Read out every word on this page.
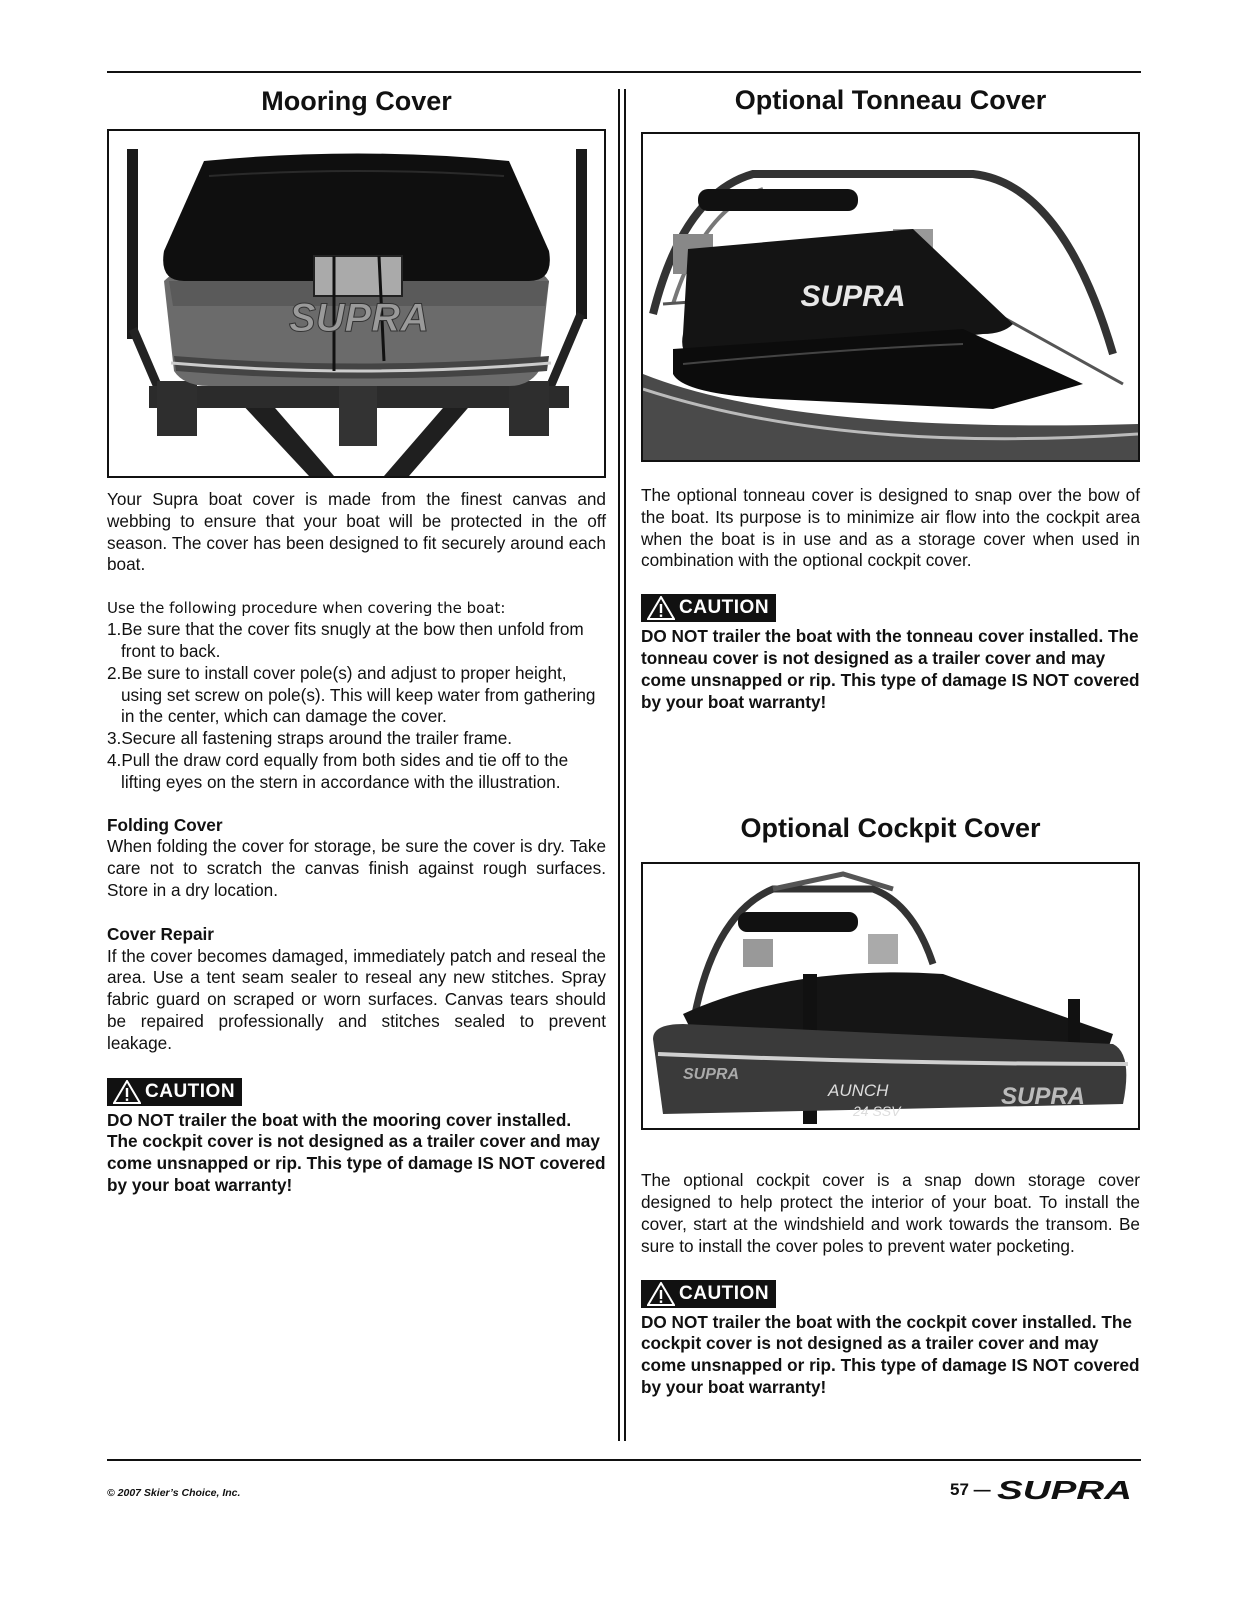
Mooring Cover
SUPRA

Your Supra boat cover is made from the finest canvas and webbing to ensure that your boat will be protected in the off season. The cover has been designed to fit securely around each boat.

Use the following procedure when covering the boat:

1.Be sure that the cover fits snugly at the bow then unfold from front to back.
2.Be sure to install cover pole(s) and adjust to proper height, using set screw on pole(s). This will keep water from gathering in the center, which can damage the cover.
3.Secure all fastening straps around the trailer frame.
4.Pull the draw cord equally from both sides and tie off to the lifting eyes on the stern in accordance with the illustration.
Folding Cover

When folding the cover for storage, be sure the cover is dry. Take care not to scratch the canvas finish against rough surfaces. Store in a dry location.

Cover Repair

If the cover becomes damaged, immediately patch and reseal the area. Use a tent seam sealer to reseal any new stitches. Spray fabric guard on scraped or worn surfaces. Canvas tears should be repaired professionally and stitches sealed to prevent leakage.

CAUTION

DO NOT trailer the boat with the mooring cover installed. The cockpit cover is not designed as a trailer cover and may come unsnapped or rip. This type of damage IS NOT covered by your boat warranty!

Optional Tonneau Cover
SUPRA

The optional tonneau cover is designed to snap over the bow of the boat. Its purpose is to minimize air flow into the cockpit area when the boat is in use and as a storage cover when used in combination with the optional cockpit cover.

CAUTION

DO NOT trailer the boat with the tonneau cover installed. The tonneau cover is not designed as a trailer cover and may come unsnapped or rip. This type of damage IS NOT covered by your boat warranty!

Optional Cockpit Cover
SUPRA
AUNCH
24 SSV
SUPRA

The optional cockpit cover is a snap down storage cover designed to help protect the interior of your boat. To install the cover, start at the windshield and work towards the transom. Be sure to install the cover poles to prevent water pocketing.

CAUTION

DO NOT trailer the boat with the cockpit cover installed. The cockpit cover is not designed as a trailer cover and may come unsnapped or rip. This type of damage IS NOT covered by your boat warranty!

© 2007 Skier’s Choice, Inc.	57 — SUPRA
